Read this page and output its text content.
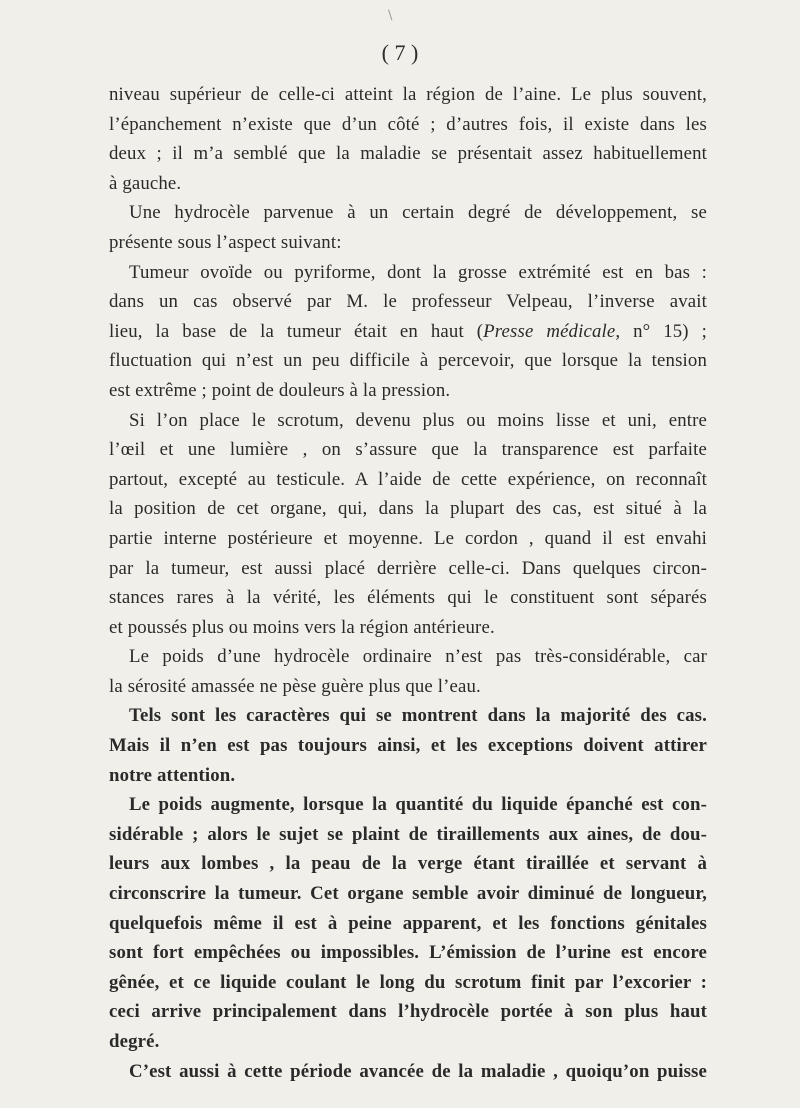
\
( 7 )
niveau supérieur de celle-ci atteint la région de l’aine. Le plus souvent,
l’épanchement n’existe que d’un côté ; d’autres fois, il existe dans les
deux ; il m’a semblé que la maladie se présentait assez habituellement
à gauche.
Une hydrocèle parvenue à un certain degré de développement, se
présente sous l’aspect suivant:
Tumeur ovoïde ou pyriforme, dont la grosse extrémité est en bas :
dans un cas observé par M. le professeur Velpeau, l’inverse avait
lieu, la base de la tumeur était en haut (Presse médicale, n° 15) ;
fluctuation qui n’est un peu difficile à percevoir, que lorsque la tension
est extrême ; point de douleurs à la pression.
Si l’on place le scrotum, devenu plus ou moins lisse et uni, entre
l’œil et une lumière , on s’assure que la transparence est parfaite
partout, excepté au testicule. A l’aide de cette expérience, on reconnaît
la position de cet organe, qui, dans la plupart des cas, est situé à la
partie interne postérieure et moyenne. Le cordon , quand il est envahi
par la tumeur, est aussi placé derrière celle-ci. Dans quelques circon-
stances rares à la vérité, les éléments qui le constituent sont séparés
et poussés plus ou moins vers la région antérieure.
Le poids d’une hydrocèle ordinaire n’est pas très-considérable, car
la sérosité amassée ne pèse guère plus que l’eau.
Tels sont les caractères qui se montrent dans la majorité des cas.
Mais il n’en est pas toujours ainsi, et les exceptions doivent attirer
notre attention.
Le poids augmente, lorsque la quantité du liquide épanché est con-
sidérable ; alors le sujet se plaint de tiraillements aux aines, de dou-
leurs aux lombes , la peau de la verge étant tiraillée et servant à
circonscrire la tumeur. Cet organe semble avoir diminué de longueur,
quelquefois même il est à peine apparent, et les fonctions génitales
sont fort empêchées ou impossibles. L’émission de l’urine est encore
gênée, et ce liquide coulant le long du scrotum finit par l’excorier :
ceci arrive principalement dans l’hydrocèle portée à son plus haut
degré.
C’est aussi à cette période avancée de la maladie , quoiqu’on puisse
